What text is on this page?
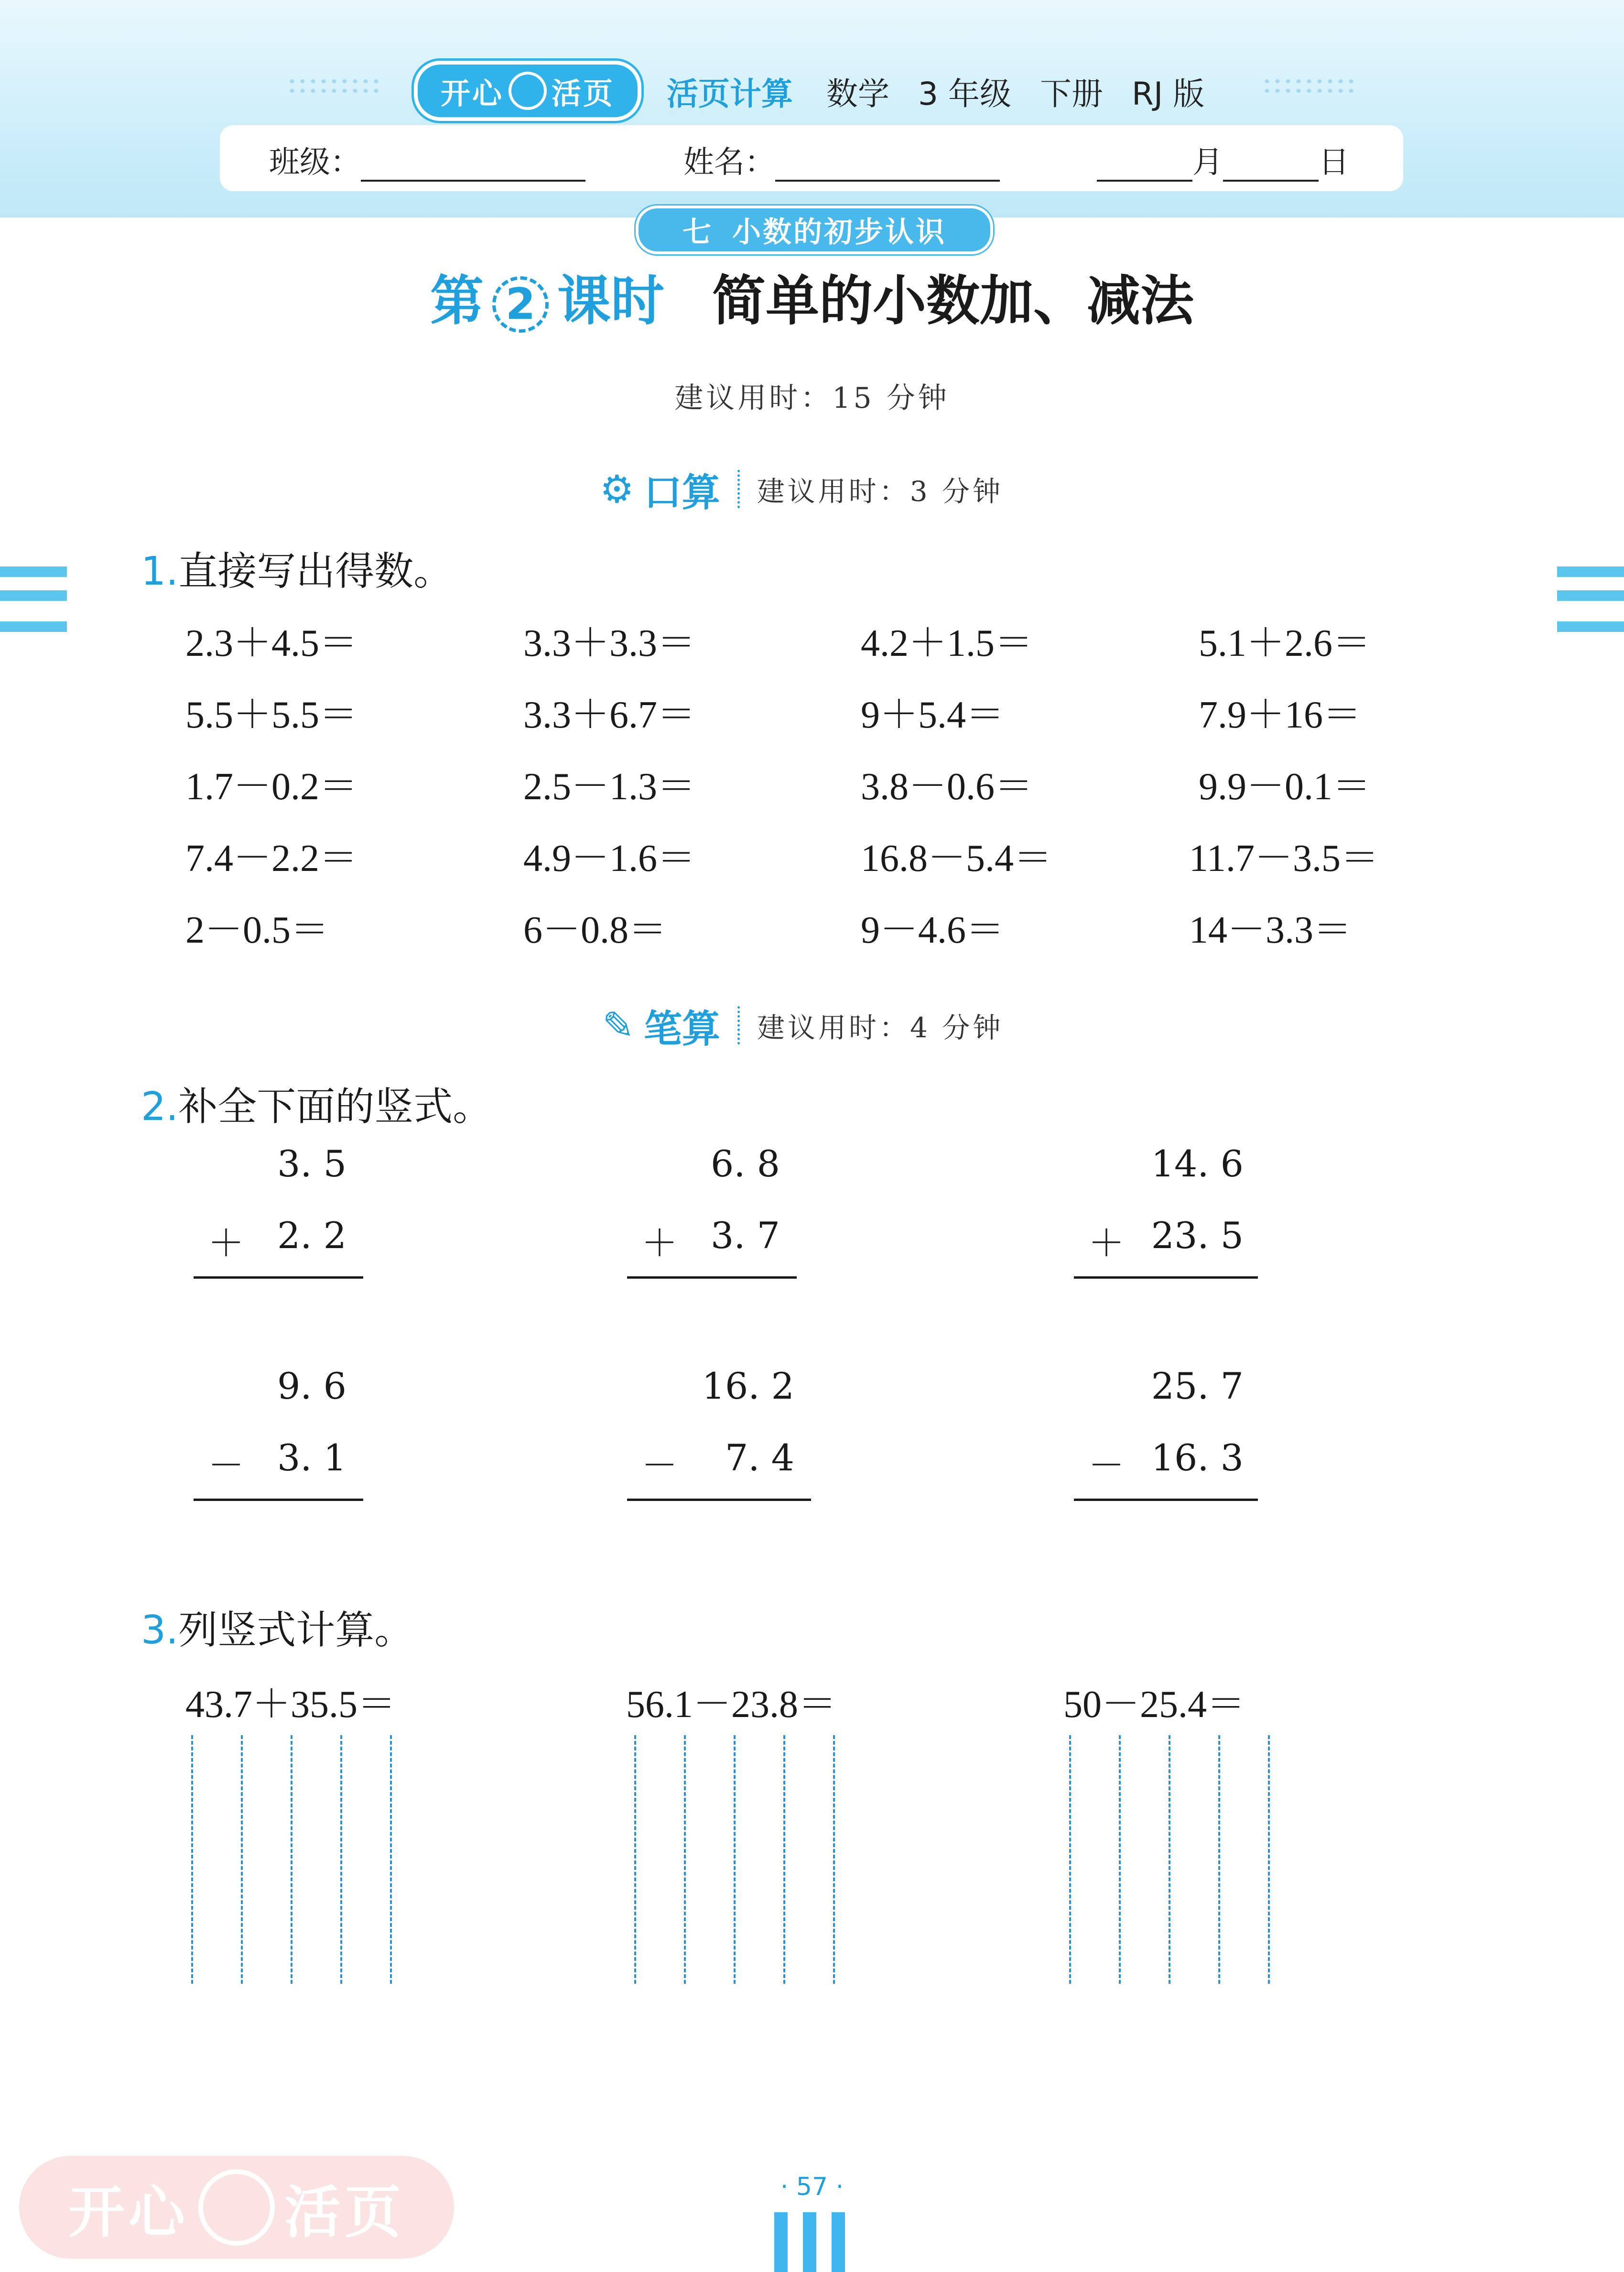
开心 活页 活页计算 数学 3 年级 下册 RJ 版
班级：	姓名：	月	日
七 小数的初步认识
第 2 课时 简单的小数加、减法
建议用时：15 分钟
⚙ 口算 建议用时：3 分钟
1.直接写出得数。
2.3＋4.5＝	3.3＋3.3＝	4.2＋1.5＝	5.1＋2.6＝
5.5＋5.5＝	3.3＋6.7＝	9＋5.4＝	7.9＋16＝
1.7－0.2＝	2.5－1.3＝	3.8－0.6＝	9.9－0.1＝
7.4－2.2＝	4.9－1.6＝	16.8－5.4＝	11.7－3.5＝
2－0.5＝	6－0.8＝	9－4.6＝	14－3.3＝
✎ 笔算 建议用时：4 分钟
2.补全下面的竖式。
3. 5
＋ 2. 2
6. 8
＋ 3. 7
14. 6
＋ 23. 5
9. 6
－ 3. 1
16. 2
－ 7. 4
25. 7
－ 16. 3
3.列竖式计算。
43.7＋35.5＝	56.1－23.8＝	50－25.4＝
开心 活页	· 57 ·
